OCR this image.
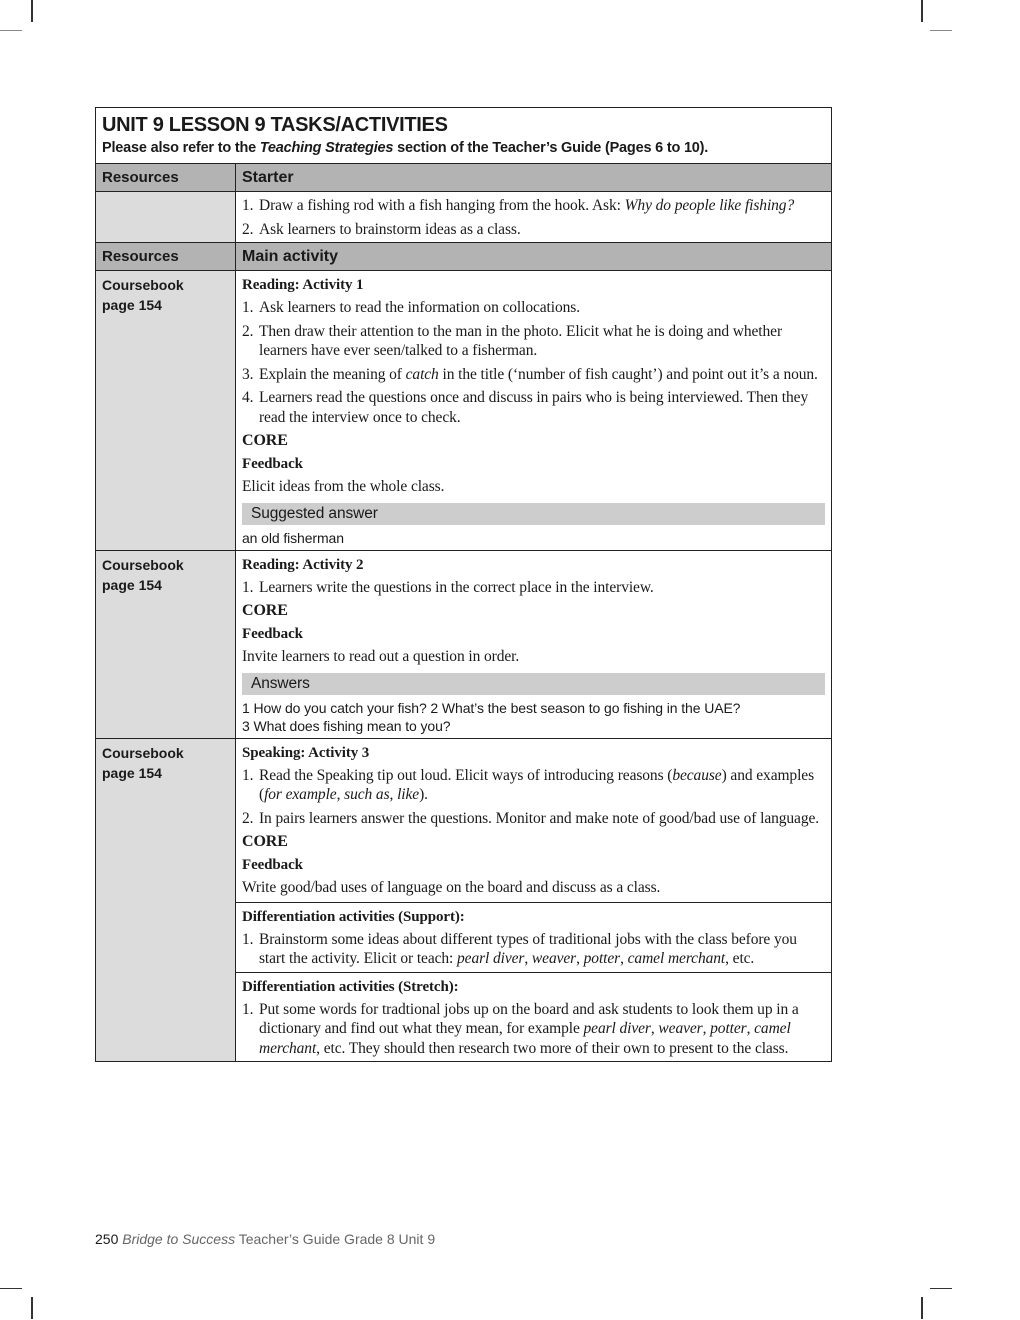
UNIT 9 LESSON 9 TASKS/ACTIVITIES
Please also refer to the Teaching Strategies section of the Teacher’s Guide (Pages 6 to 10).
Resources	Starter
1. Draw a fishing rod with a fish hanging from the hook. Ask: Why do people like fishing?
2. Ask learners to brainstorm ideas as a class.
Resources	Main activity
Coursebook
page 154
Reading: Activity 1
1. Ask learners to read the information on collocations.
2. Then draw their attention to the man in the photo. Elicit what he is doing and whether learners have ever seen/talked to a fisherman.
3. Explain the meaning of catch in the title (‘number of fish caught’) and point out it’s a noun.
4. Learners read the questions once and discuss in pairs who is being interviewed. Then they read the interview once to check.
CORE
Feedback
Elicit ideas from the whole class.
Suggested answer
an old fisherman
Coursebook
page 154
Reading: Activity 2
1. Learners write the questions in the correct place in the interview.
CORE
Feedback
Invite learners to read out a question in order.
Answers
1 How do you catch your fish? 2 What’s the best season to go fishing in the UAE?
3 What does fishing mean to you?
Coursebook
page 154
Speaking: Activity 3
1. Read the Speaking tip out loud. Elicit ways of introducing reasons (because) and examples (for example, such as, like).
2. In pairs learners answer the questions. Monitor and make note of good/bad use of language.
CORE
Feedback
Write good/bad uses of language on the board and discuss as a class.
Differentiation activities (Support):
1. Brainstorm some ideas about different types of traditional jobs with the class before you start the activity. Elicit or teach: pearl diver, weaver, potter, camel merchant, etc.
Differentiation activities (Stretch):
1. Put some words for tradtional jobs up on the board and ask students to look them up in a dictionary and find out what they mean, for example pearl diver, weaver, potter, camel merchant, etc. They should then research two more of their own to present to the class.
250 Bridge to Success Teacher’s Guide Grade 8 Unit 9
